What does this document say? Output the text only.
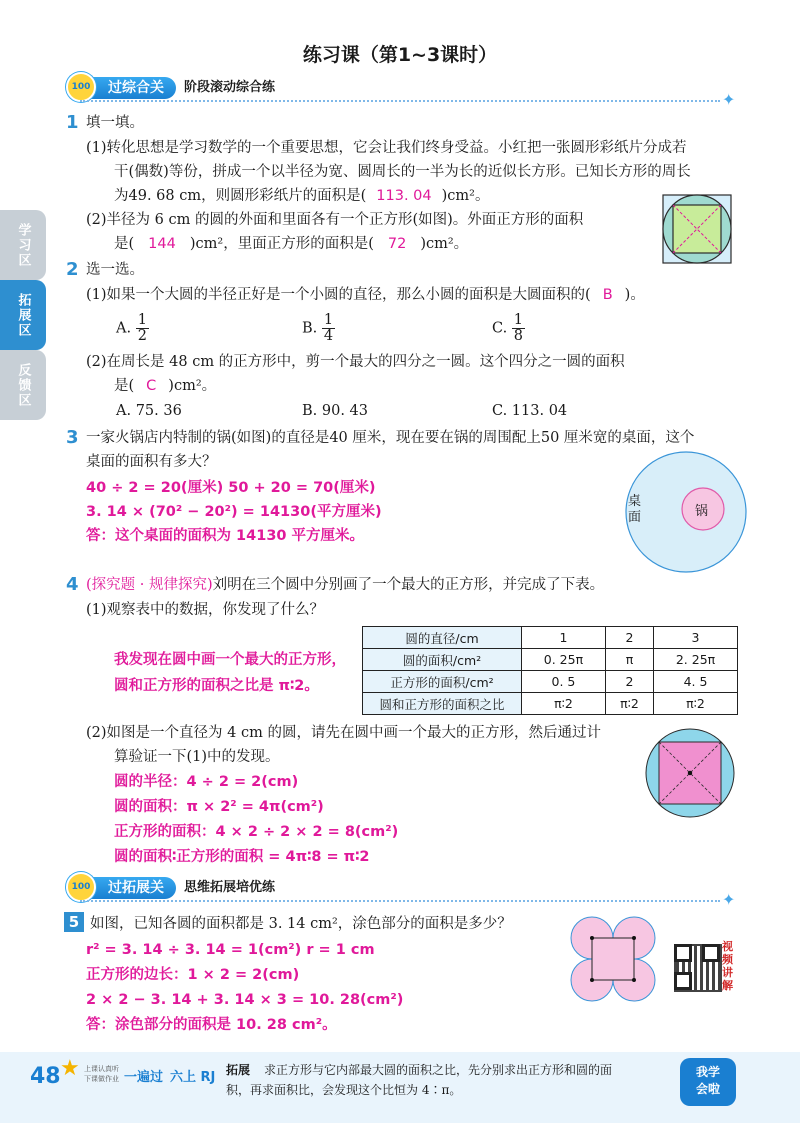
练习课（第1~3课时）
过综合关
100	阶段滚动综合练
✦
学习区
拓展区
反馈区
1 填一填。
(1)转化思想是学习数学的一个重要思想，它会让我们终身受益。小红把一张圆形彩纸片分成若
干(偶数)等份，拼成一个以半径为宽、圆周长的一半为长的近似长方形。已知长方形的周长
为49. 68 cm，则圆形彩纸片的面积是( 113. 04 )cm²。
(2)半径为 6 cm 的圆的外面和里面各有一个正方形(如图)。外面正方形的面积
是( 144 )cm²，里面正方形的面积是( 72 )cm²。
2 选一选。
(1)如果一个大圆的半径正好是一个小圆的直径，那么小圆的面积是大圆面积的( B )。
A. $\frac{1}{2}$	B. $\frac{1}{4}$	C. $\frac{1}{8}$
(2)在周长是 48 cm 的正方形中，剪一个最大的四分之一圆。这个四分之一圆的面积
是( C )cm²。
A. 75. 36	B. 90. 43	C. 113. 04
3 一家火锅店内特制的锅(如图)的直径是40 厘米，现在要在锅的周围配上50 厘米宽的桌面，这个
桌面的面积有多大？
40 ÷ 2 = 20(厘米) 50 + 20 = 70(厘米)
3. 14 × (70² − 20²) = 14130(平方厘米)
答：这个桌面的面积为 14130 平方厘米。
桌面	锅
4 (探究题 · 规律探究)刘明在三个圆中分别画了一个最大的正方形，并完成了下表。
(1)观察表中的数据，你发现了什么？
我发现在圆中画一个最大的正方形，
圆和正方形的面积之比是 π∶2。
圆的直径/cm	1	2	3
圆的面积/cm²	0. 25π	π	2. 25π
正方形的面积/cm²	0. 5	2	4. 5
圆和正方形的面积之比	π∶2	π∶2	π∶2
(2)如图是一个直径为 4 cm 的圆，请先在圆中画一个最大的正方形，然后通过计
算验证一下(1)中的发现。
圆的半径：4 ÷ 2 = 2(cm)
圆的面积：π × 2² = 4π(cm²)
正方形的面积：4 × 2 ÷ 2 × 2 = 8(cm²)
圆的面积∶正方形的面积 = 4π∶8 = π∶2
过拓展关
100	思维拓展培优练
✦
5 如图，已知各圆的面积都是 3. 14 cm²，涂色部分的面积是多少？
r² = 3. 14 ÷ 3. 14 = 1(cm²) r = 1 cm
正方形的边长：1 × 2 = 2(cm)
2 × 2 − 3. 14 + 3. 14 × 3 = 10. 28(cm²)
答：涂色部分的面积是 10. 28 cm²。
视频讲解
48 ★ 上课认真听
下课做作业 一遍过 六上 RJ 拓展 求正方形与它内部最大圆的面积之比，先分别求出正方形和圆的面
积，再求面积比，会发现这个比恒为 4∶π。
我学会啦
